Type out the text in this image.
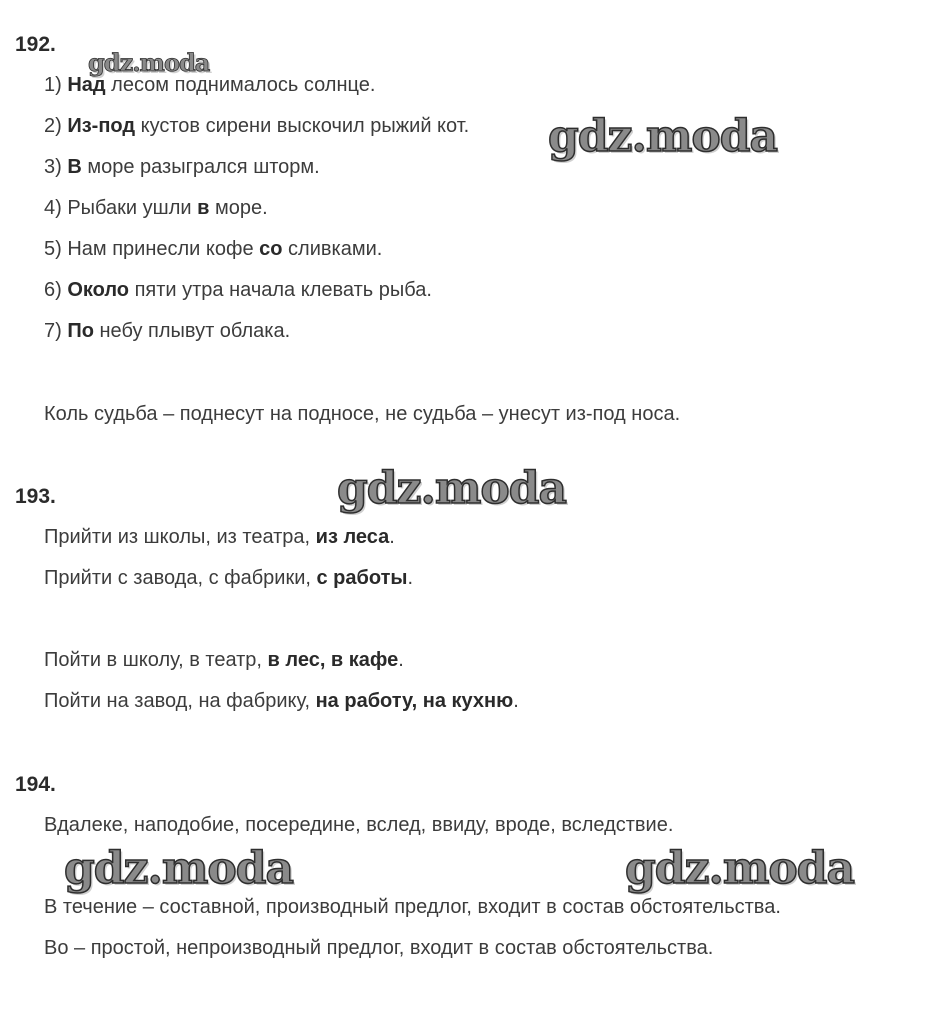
192.
1) Над лесом поднималось солнце.
2) Из-под кустов сирени выскочил рыжий кот.
3) В море разыгрался шторм.
4) Рыбаки ушли в море.
5) Нам принесли кофе со сливками.
6) Около пяти утра начала клевать рыба.
7) По небу плывут облака.
Коль судьба – поднесут на подносе, не судьба – унесут из-под носа.
193.
Прийти из школы, из театра, из леса.
Прийти с завода, с фабрики, с работы.
Пойти в школу, в театр, в лес, в кафе.
Пойти на завод, на фабрику, на работу, на кухню.
194.
Вдалеке, наподобие, посередине, вслед, ввиду, вроде, вследствие.
В течение – составной, производный предлог, входит в состав обстоятельства.
Во – простой, непроизводный предлог, входит в состав обстоятельства.
gdz.moda
gdz.moda
gdz.moda
gdz.moda	gdz.moda
